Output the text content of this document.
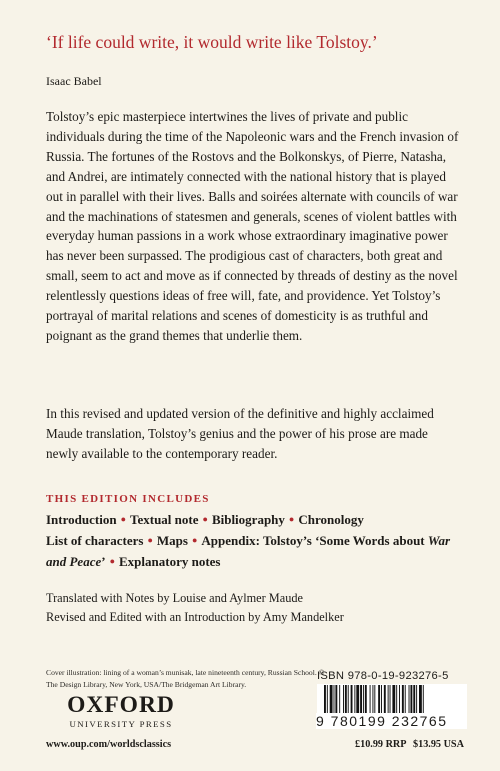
‘If life could write, it would write like Tolstoy.’
Isaac Babel

Tolstoy’s epic masterpiece intertwines the lives of private and public individuals during the time of the Napoleonic wars and the French invasion of Russia. The fortunes of the Rostovs and the Bolkonskys, of Pierre, Natasha, and Andrei, are intimately connected with the national history that is played out in parallel with their lives. Balls and soirées alternate with councils of war and the machinations of statesmen and generals, scenes of violent battles with everyday human passions in a work whose extraordinary imaginative power has never been surpassed. The prodigious cast of characters, both great and small, seem to act and move as if connected by threads of destiny as the novel relentlessly questions ideas of free will, fate, and providence. Yet Tolstoy’s portrayal of marital relations and scenes of domesticity is as truthful and poignant as the grand themes that underlie them.

In this revised and updated version of the definitive and highly acclaimed Maude translation, Tolstoy’s genius and the power of his prose are made newly available to the contemporary reader.

THIS EDITION INCLUDES
Introduction ● Textual note ● Bibliography ● Chronology
List of characters ● Maps ● Appendix: Tolstoy’s ‘Some Words about War and Peace’ ● Explanatory notes
Translated with Notes by Louise and Aylmer Maude
Revised and Edited with an Introduction by Amy Mandelker
Cover illustration: lining of a woman’s munisak, late nineteenth century, Russian School. © The Design Library, New York, USA/The Bridgeman Art Library.
OXFORD
UNIVERSITY PRESS
www.oup.com/worldsclassics
ISBN 978-0-19-923276-5
9 780199 232765
£10.99 RRP $13.95 USA
